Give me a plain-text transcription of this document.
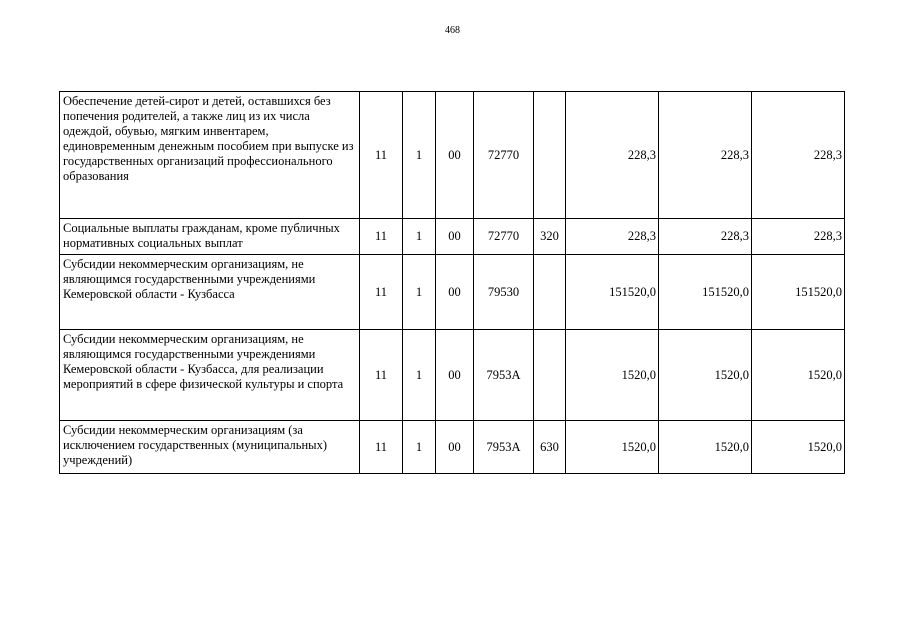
468
Обеспечение детей-сирот и детей, оставшихся без попечения родителей, а также лиц из их числа одеждой, обувью, мягким инвентарем, единовременным денежным пособием при выпуске из государственных организаций профессионального образования	11	1	00	72770		228,3	228,3	228,3
Социальные выплаты гражданам, кроме публичных нормативных социальных выплат	11	1	00	72770	320	228,3	228,3	228,3
Субсидии некоммерческим организациям, не являющимся государственными учреждениями Кемеровской области - Кузбасса	11	1	00	79530		151520,0	151520,0	151520,0
Субсидии некоммерческим организациям, не являющимся государственными учреждениями Кемеровской области - Кузбасса, для реализации мероприятий в сфере физической культуры и спорта	11	1	00	7953А		1520,0	1520,0	1520,0
Субсидии некоммерческим организациям (за исключением государственных (муниципальных) учреждений)	11	1	00	7953А	630	1520,0	1520,0	1520,0
